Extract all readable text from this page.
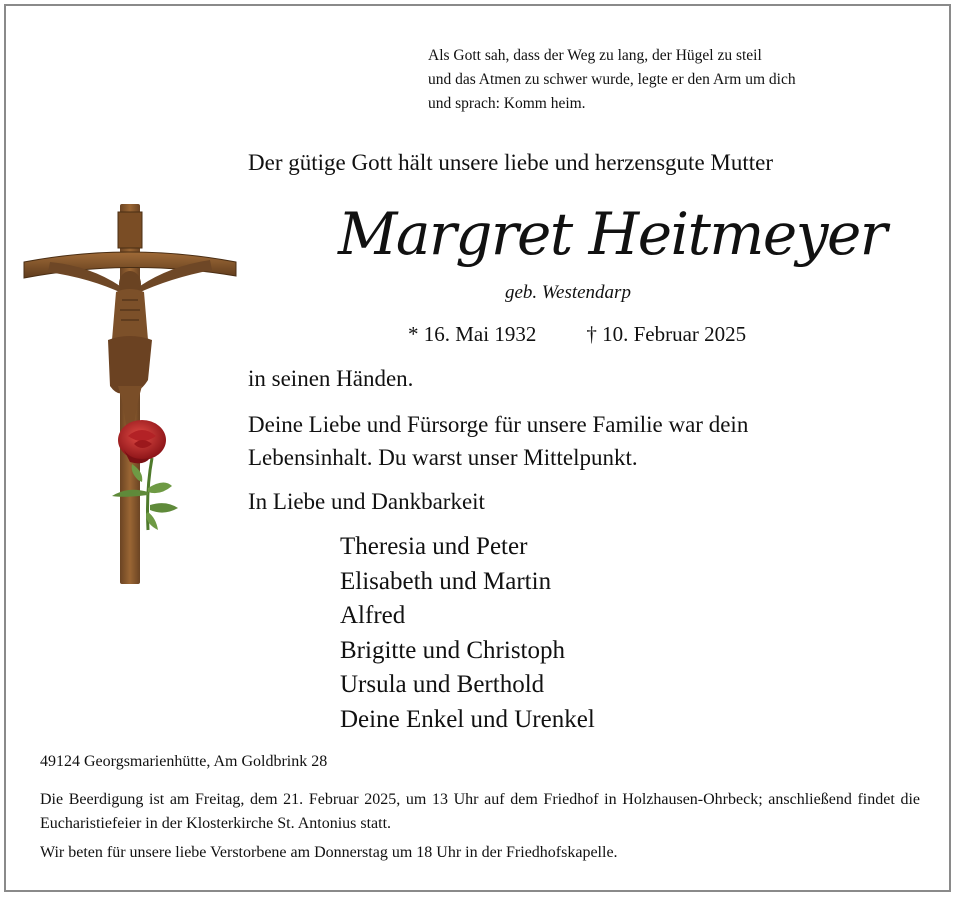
Als Gott sah, dass der Weg zu lang, der Hügel zu steil
und das Atmen zu schwer wurde, legte er den Arm um dich
und sprach: Komm heim.
Der gütige Gott hält unsere liebe und herzensgute Mutter
Margret Heitmeyer
geb. Westendarp
* 16. Mai 1932 † 10. Februar 2025
in seinen Händen.
Deine Liebe und Fürsorge für unsere Familie war dein
Lebensinhalt. Du warst unser Mittelpunkt.
In Liebe und Dankbarkeit
Theresia und Peter
Elisabeth und Martin
Alfred
Brigitte und Christoph
Ursula und Berthold
Deine Enkel und Urenkel
49124 Georgsmarienhütte, Am Goldbrink 28
Die Beerdigung ist am Freitag, dem 21. Februar 2025, um 13 Uhr auf dem Friedhof in Holzhausen-Ohrbeck; anschließend findet die Eucharistiefeier in der Klosterkirche St. Antonius statt.
Wir beten für unsere liebe Verstorbene am Donnerstag um 18 Uhr in der Friedhofskapelle.
